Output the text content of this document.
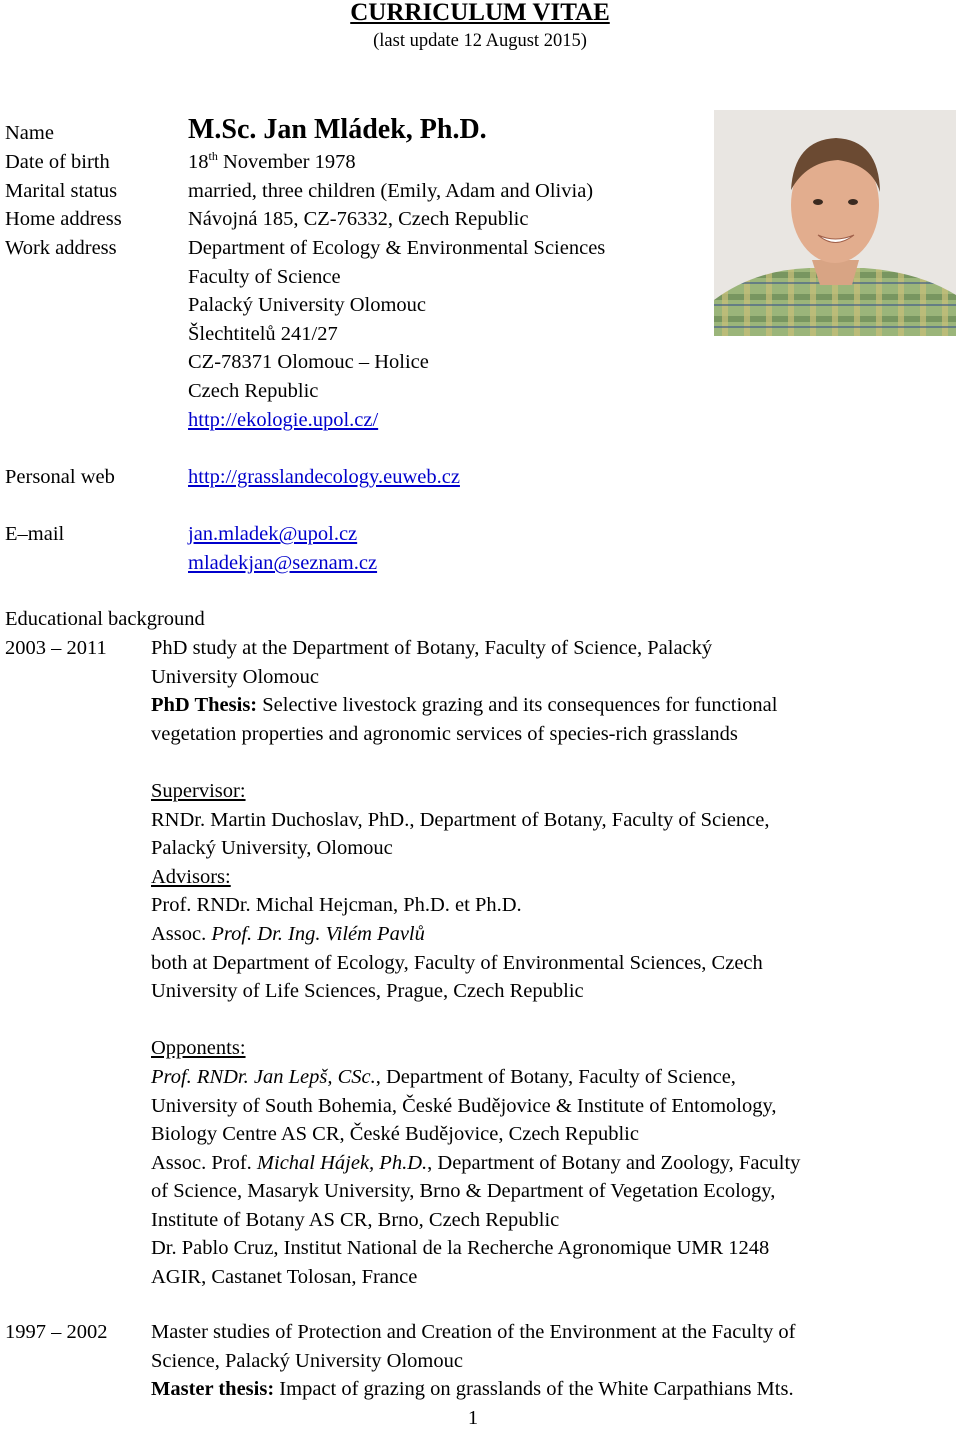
CURRICULUM VITAE
(last update 12 August 2015)
Name	M.Sc. Jan Mládek, Ph.D.
Date of birth	18th November 1978
Marital status	married, three children (Emily, Adam and Olivia)
Home address	Návojná 185, CZ-76332, Czech Republic
Work address	Department of Ecology & Environmental Sciences
Faculty of Science
Palacký University Olomouc
Šlechtitelů 241/27
CZ-78371 Olomouc – Holice
Czech Republic
http://ekologie.upol.cz/
Personal web	http://grasslandecology.euweb.cz
E–mail	jan.mladek@upol.cz
mladekjan@seznam.cz
Educational background
2003 – 2011 PhD study at the Department of Botany, Faculty of Science, Palacký
University Olomouc
PhD Thesis: Selective livestock grazing and its consequences for functional
vegetation properties and agronomic services of species-rich grasslands

Supervisor:
RNDr. Martin Duchoslav, PhD., Department of Botany, Faculty of Science,
Palacký University, Olomouc
Advisors:
Prof. RNDr. Michal Hejcman, Ph.D. et Ph.D.
Assoc. Prof. Dr. Ing. Vilém Pavlů
both at Department of Ecology, Faculty of Environmental Sciences, Czech
University of Life Sciences, Prague, Czech Republic

Opponents:
Prof. RNDr. Jan Lepš, CSc., Department of Botany, Faculty of Science,
University of South Bohemia, České Budějovice & Institute of Entomology,
Biology Centre AS CR, České Budějovice, Czech Republic
Assoc. Prof. Michal Hájek, Ph.D., Department of Botany and Zoology, Faculty
of Science, Masaryk University, Brno & Department of Vegetation Ecology,
Institute of Botany AS CR, Brno, Czech Republic
Dr. Pablo Cruz, Institut National de la Recherche Agronomique UMR 1248
AGIR, Castanet Tolosan, France
1997 – 2002 Master studies of Protection and Creation of the Environment at the Faculty of
Science, Palacký University Olomouc
Master thesis: Impact of grazing on grasslands of the White Carpathians Mts.
1
